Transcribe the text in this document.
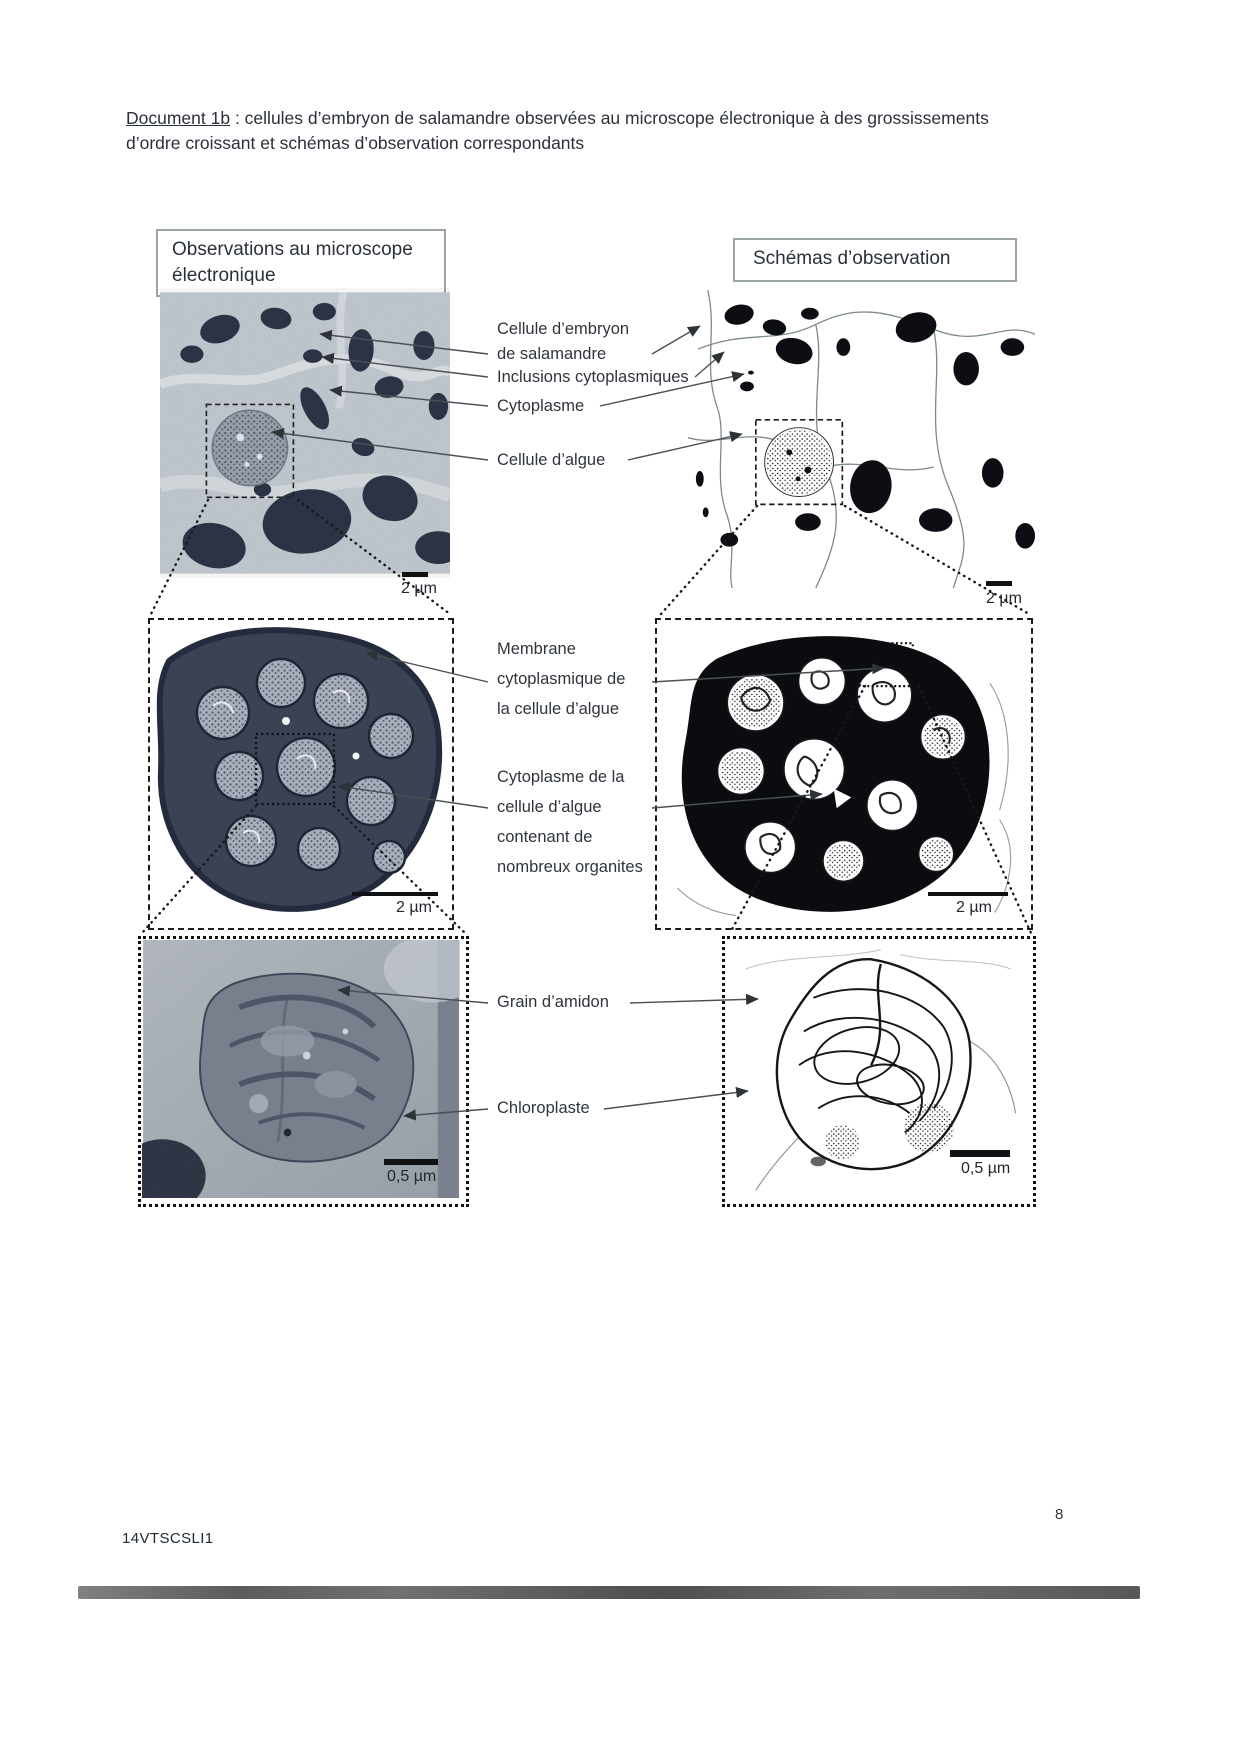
Document 1b : cellules d’embryon de salamandre observées au microscope électronique à des grossissements d’ordre croissant et schémas d’observation correspondants
Observations au microscope électronique
Schémas d’observation
Cellule d’embryon
de salamandre
Inclusions cytoplasmiques
Cytoplasme
Cellule d’algue
Membrane
cytoplasmique de
la cellule d’algue
Cytoplasme de la
cellule d’algue
contenant de
nombreux organites
Grain d’amidon
Chloroplaste
2 µm
2 µm
2 µm	2 µm
0,5 µm	0,5 µm
14VTSCSLI1
8
